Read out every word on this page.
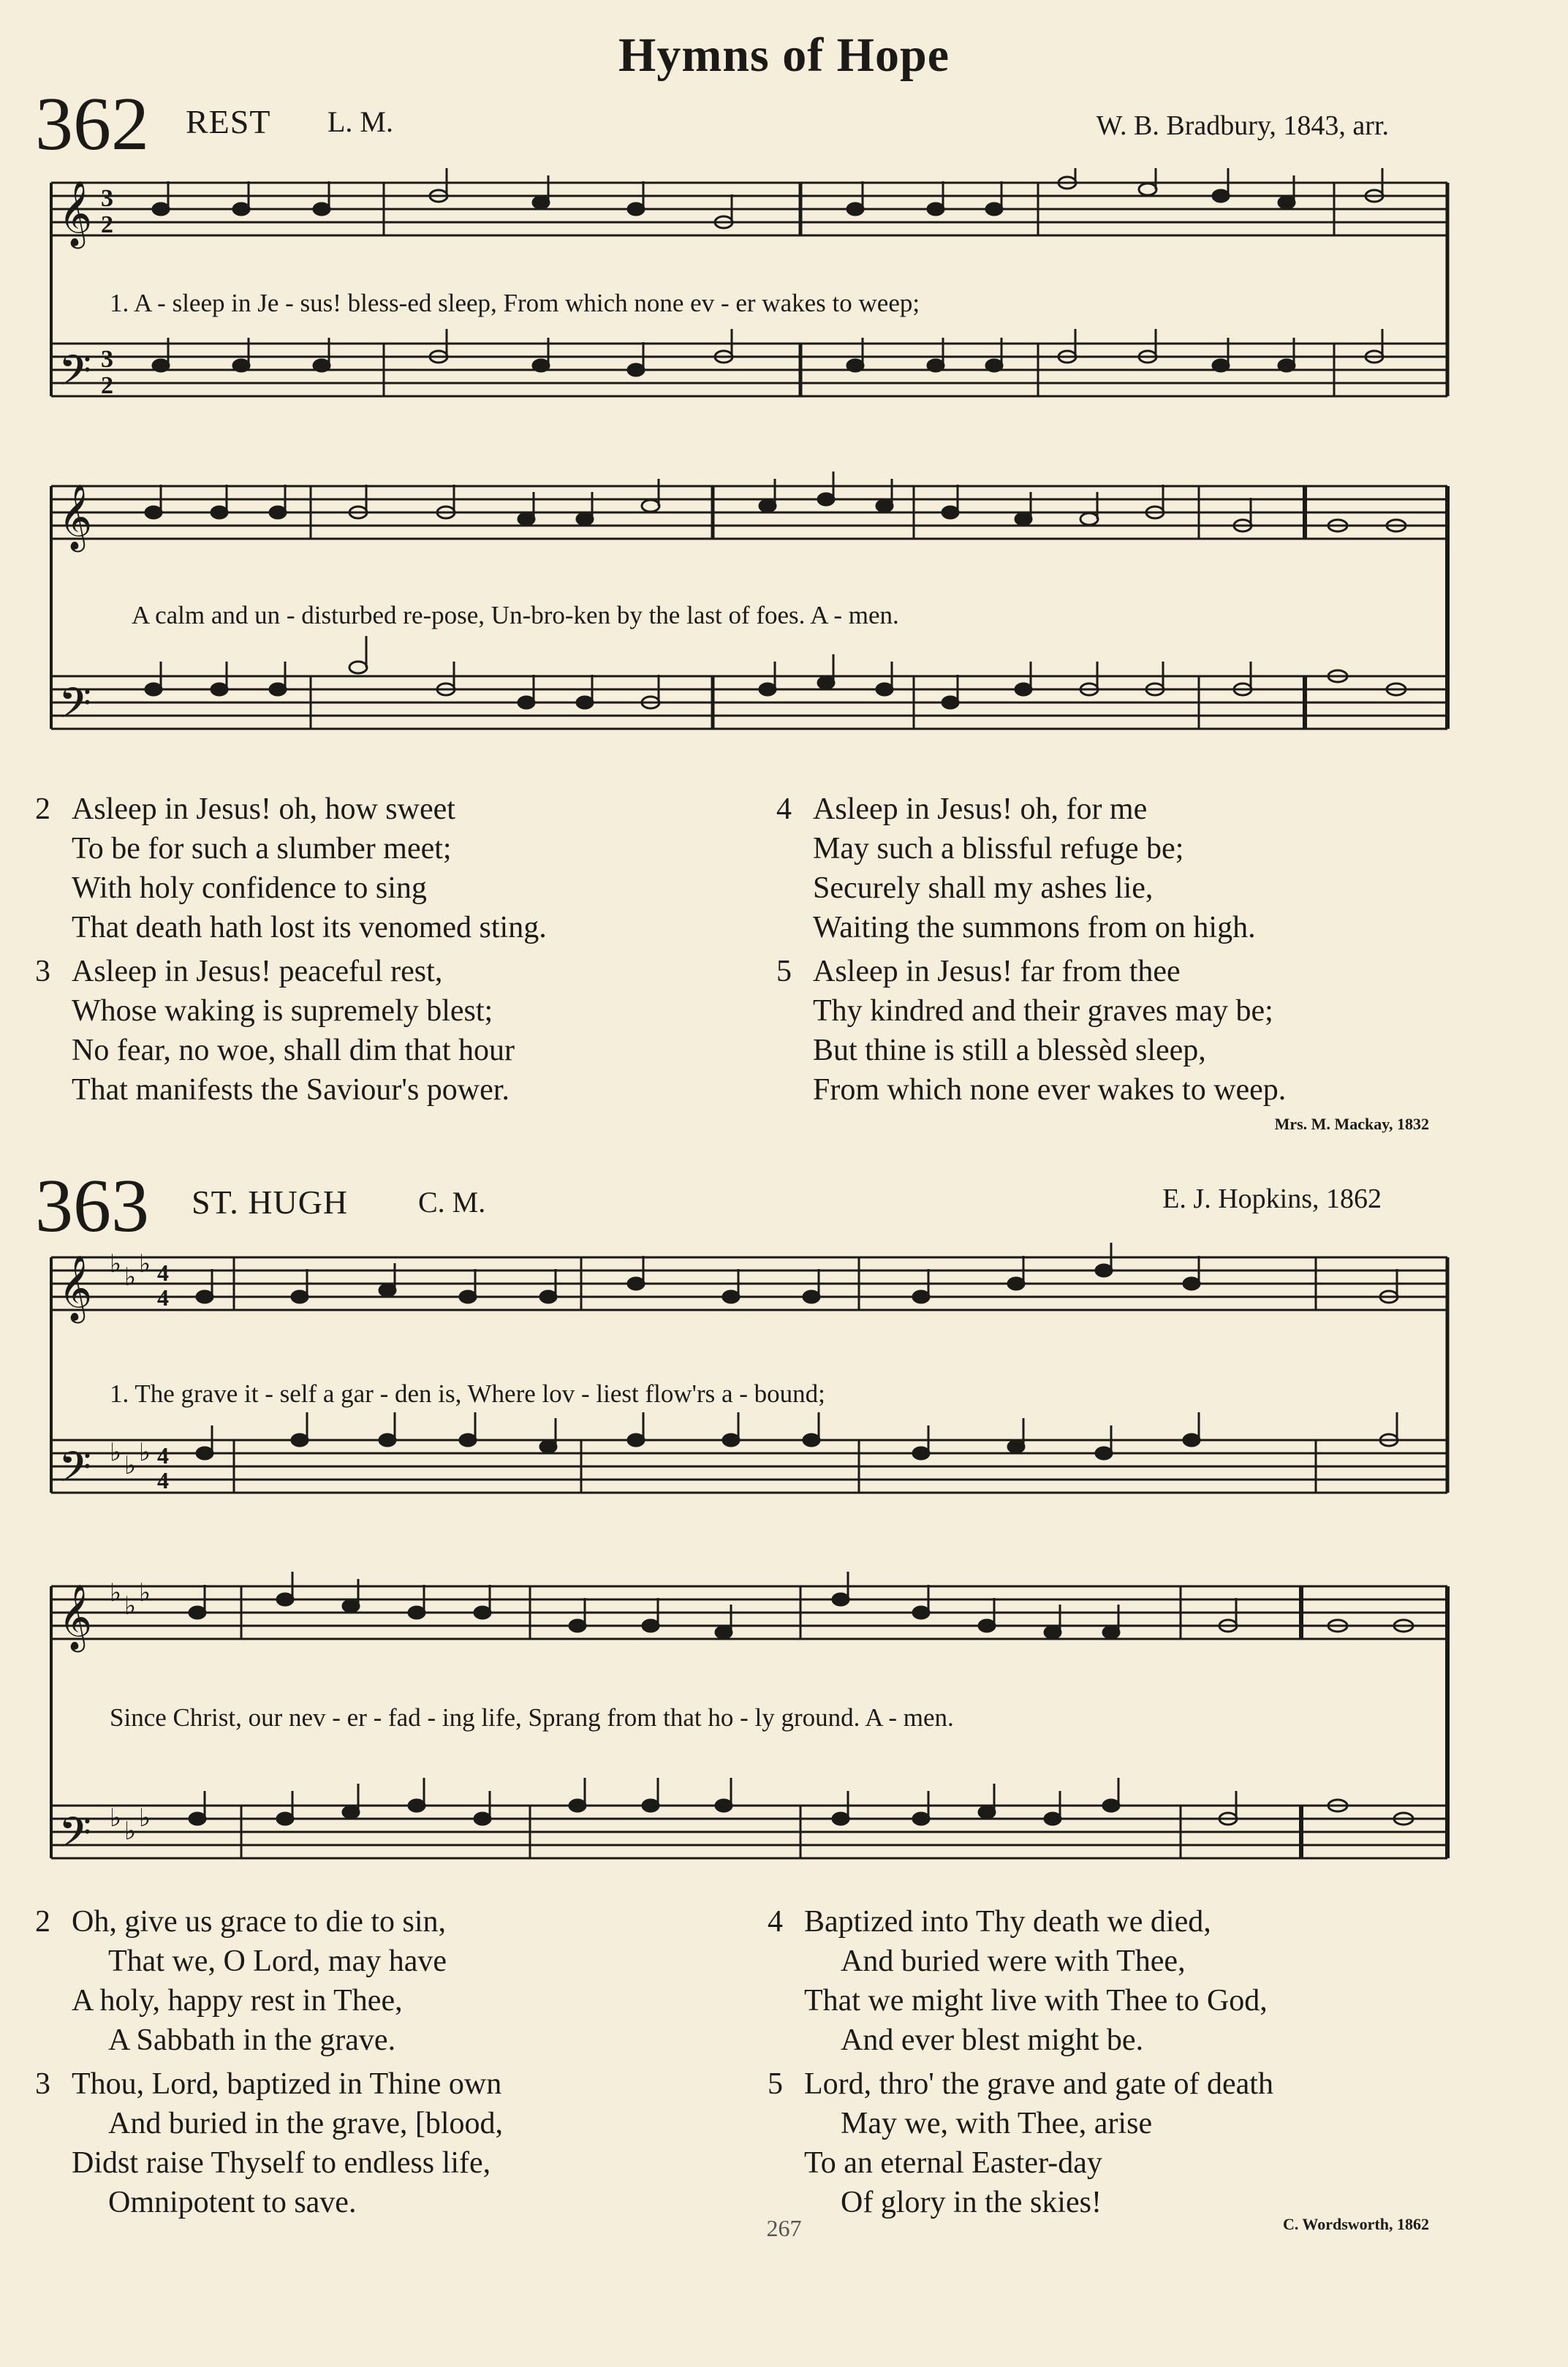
Hymns of Hope
362 REST L. M.	W. B. Bradbury, 1843, arr.
𝄞
𝄢
3
2
3
2
1. A - sleep in Je - sus! bless-ed sleep, From which none ev - er wakes to weep;
𝄞
𝄢
A calm and un - disturbed re-pose, Un-bro-ken by the last of foes. A - men.
2 Asleep in Jesus! oh, how sweet
To be for such a slumber meet;
With holy confidence to sing
That death hath lost its venomed sting.
3 Asleep in Jesus! peaceful rest,
Whose waking is supremely blest;
No fear, no woe, shall dim that hour
That manifests the Saviour's power.
4 Asleep in Jesus! oh, for me
May such a blissful refuge be;
Securely shall my ashes lie,
Waiting the summons from on high.
5 Asleep in Jesus! far from thee
Thy kindred and their graves may be;
But thine is still a blessèd sleep,
From which none ever wakes to weep.
Mrs. M. Mackay, 1832
363 ST. HUGH C. M.	E. J. Hopkins, 1862
𝄞
𝄢
♭ ♭ ♭ 4
4
♭ ♭ ♭ 4
4
1. The grave it - self a gar - den is, Where lov - liest flow'rs a - bound;
𝄞
𝄢
♭ ♭ ♭
♭ ♭ ♭
Since Christ, our nev - er - fad - ing life, Sprang from that ho - ly ground. A - men.
2 Oh, give us grace to die to sin,
That we, O Lord, may have
A holy, happy rest in Thee,
A Sabbath in the grave.
3 Thou, Lord, baptized in Thine own
And buried in the grave, [blood,
Didst raise Thyself to endless life,
Omnipotent to save.
4 Baptized into Thy death we died,
And buried were with Thee,
That we might live with Thee to God,
And ever blest might be.
5 Lord, thro' the grave and gate of death
May we, with Thee, arise
To an eternal Easter-day
Of glory in the skies!
C. Wordsworth, 1862
267
